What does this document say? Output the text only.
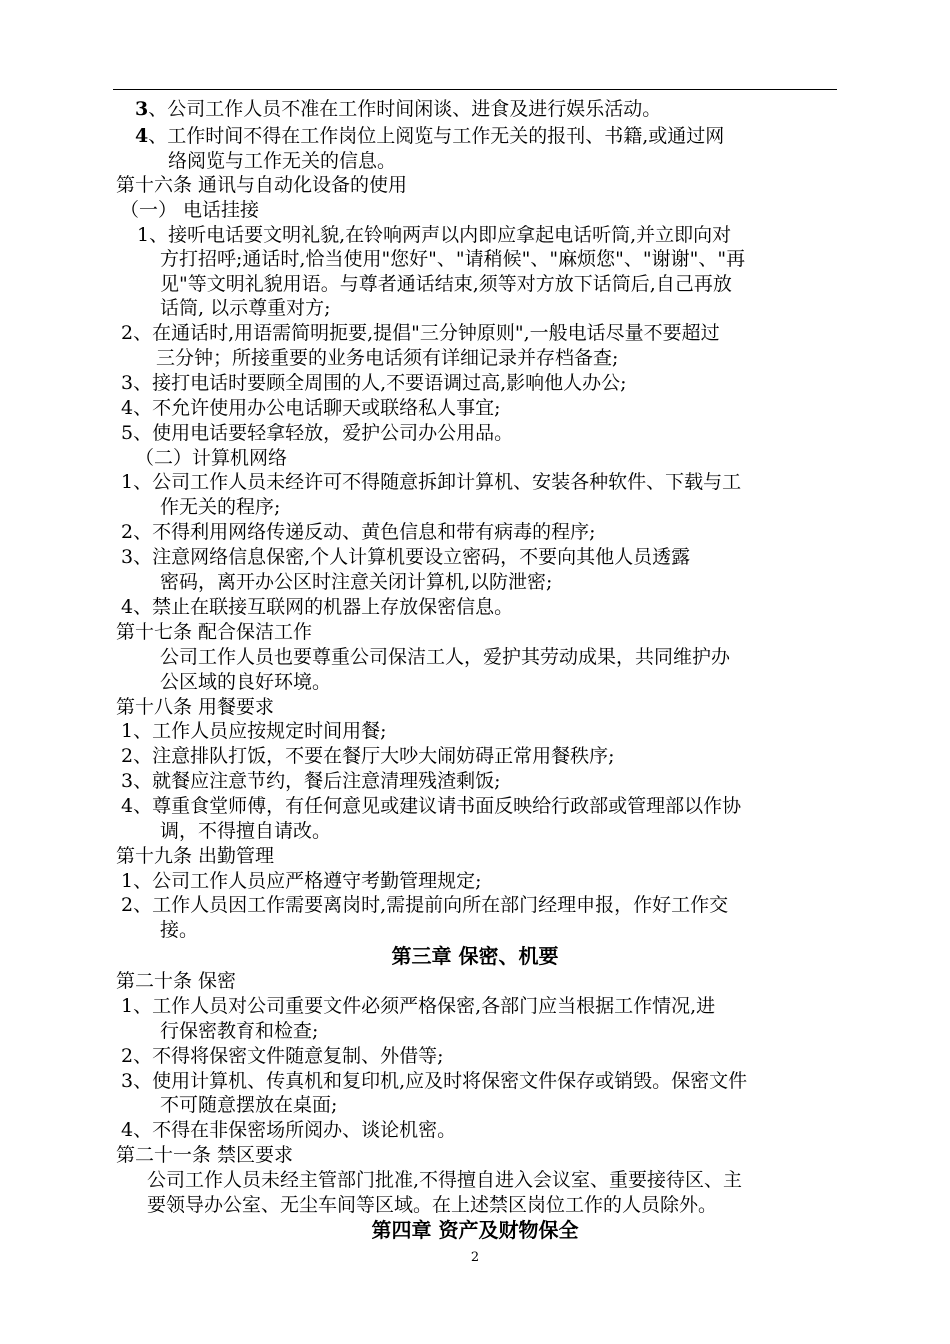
3、公司工作人员不准在工作时间闲谈、进食及进行娱乐活动。
4、工作时间不得在工作岗位上阅览与工作无关的报刊、书籍,或通过网
络阅览与工作无关的信息。
第十六条 通讯与自动化设备的使用
（一） 电话挂接
1、接听电话要文明礼貌,在铃响两声以内即应拿起电话听筒,并立即向对
方打招呼;通话时,恰当使用"您好"、"请稍候"、"麻烦您"、"谢谢"、"再
见"等文明礼貌用语。与尊者通话结束,须等对方放下话筒后,自己再放
话筒, 以示尊重对方;
2、在通话时,用语需简明扼要,提倡"三分钟原则",一般电话尽量不要超过
三分钟；所接重要的业务电话须有详细记录并存档备查;
3、接打电话时要顾全周围的人,不要语调过高,影响他人办公;
4、不允许使用办公电话聊天或联络私人事宜;
5、使用电话要轻拿轻放，爱护公司办公用品。
（二）计算机网络
1、公司工作人员未经许可不得随意拆卸计算机、安装各种软件、下载与工
作无关的程序;
2、不得利用网络传递反动、黄色信息和带有病毒的程序;
3、注意网络信息保密,个人计算机要设立密码，不要向其他人员透露
密码，离开办公区时注意关闭计算机,以防泄密;
4、禁止在联接互联网的机器上存放保密信息。
第十七条 配合保洁工作
公司工作人员也要尊重公司保洁工人，爱护其劳动成果，共同维护办
公区域的良好环境。
第十八条 用餐要求
1、工作人员应按规定时间用餐;
2、注意排队打饭，不要在餐厅大吵大闹妨碍正常用餐秩序;
3、就餐应注意节约，餐后注意清理残渣剩饭;
4、尊重食堂师傅，有任何意见或建议请书面反映给行政部或管理部以作协
调，不得擅自请改。
第十九条 出勤管理
1、公司工作人员应严格遵守考勤管理规定;
2、工作人员因工作需要离岗时,需提前向所在部门经理申报，作好工作交
接。
第三章 保密、机要
第二十条 保密
1、工作人员对公司重要文件必须严格保密,各部门应当根据工作情况,进
行保密教育和检查;
2、不得将保密文件随意复制、外借等;
3、使用计算机、传真机和复印机,应及时将保密文件保存或销毁。保密文件
不可随意摆放在桌面;
4、不得在非保密场所阅办、谈论机密。
第二十一条 禁区要求
公司工作人员未经主管部门批准,不得擅自进入会议室、重要接待区、主
要领导办公室、无尘车间等区域。在上述禁区岗位工作的人员除外。
第四章 资产及财物保全
2
